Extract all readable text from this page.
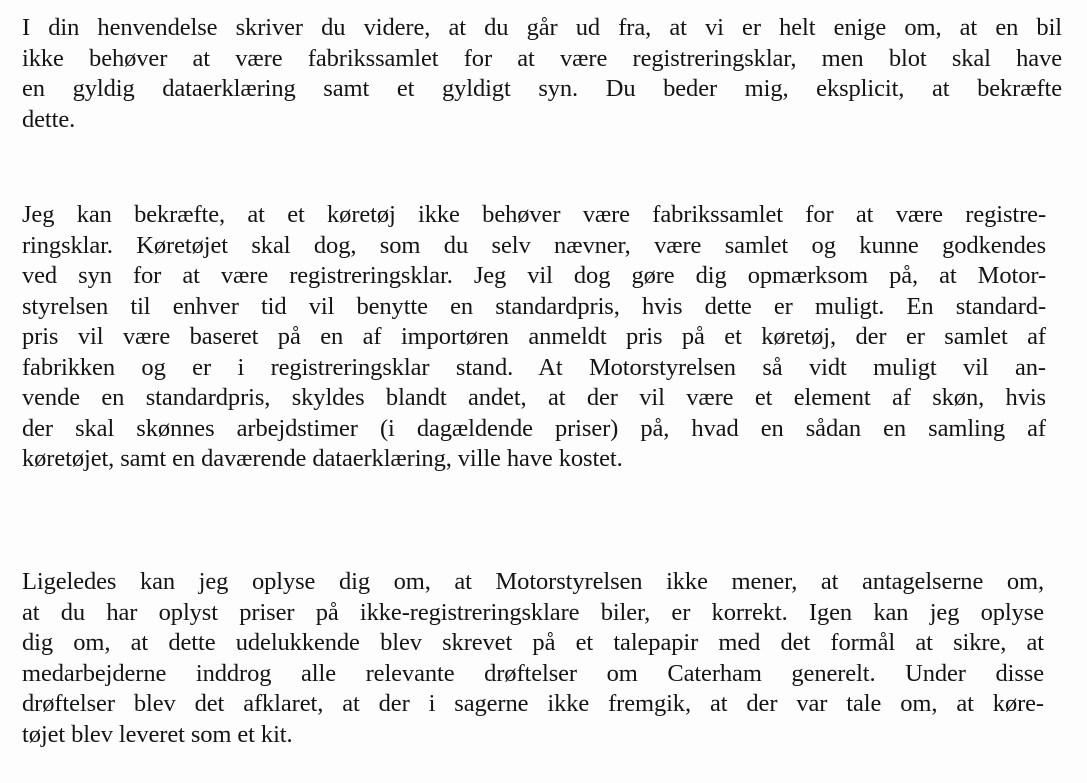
I din henvendelse skriver du videre, at du går ud fra, at vi er helt enige om, at en bil
ikke behøver at være fabrikssamlet for at være registreringsklar, men blot skal have
en gyldig dataerklæring samt et gyldigt syn. Du beder mig, eksplicit, at bekræfte
dette.
Jeg kan bekræfte, at et køretøj ikke behøver være fabrikssamlet for at være registre-
ringsklar. Køretøjet skal dog, som du selv nævner, være samlet og kunne godkendes
ved syn for at være registreringsklar. Jeg vil dog gøre dig opmærksom på, at Motor-
styrelsen til enhver tid vil benytte en standardpris, hvis dette er muligt. En standard-
pris vil være baseret på en af importøren anmeldt pris på et køretøj, der er samlet af
fabrikken og er i registreringsklar stand. At Motorstyrelsen så vidt muligt vil an-
vende en standardpris, skyldes blandt andet, at der vil være et element af skøn, hvis
der skal skønnes arbejdstimer (i dagældende priser) på, hvad en sådan en samling af
køretøjet, samt en daværende dataerklæring, ville have kostet.
Ligeledes kan jeg oplyse dig om, at Motorstyrelsen ikke mener, at antagelserne om,
at du har oplyst priser på ikke-registreringsklare biler, er korrekt. Igen kan jeg oplyse
dig om, at dette udelukkende blev skrevet på et talepapir med det formål at sikre, at
medarbejderne inddrog alle relevante drøftelser om Caterham generelt. Under disse
drøftelser blev det afklaret, at der i sagerne ikke fremgik, at der var tale om, at køre-
tøjet blev leveret som et kit.
